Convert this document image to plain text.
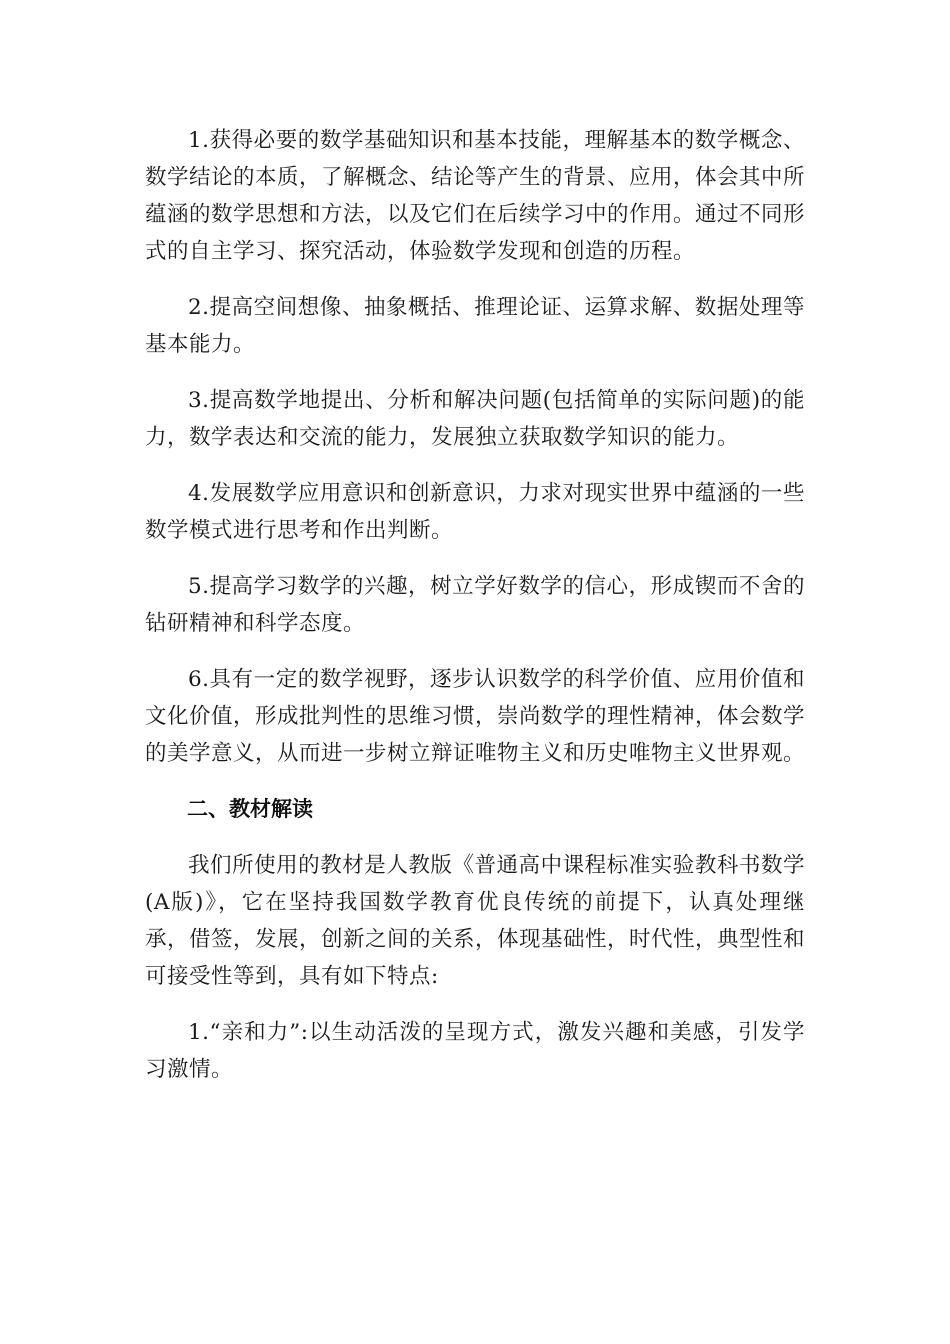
1.获得必要的数学基础知识和基本技能，理解基本的数学概念、数学结论的本质，了解概念、结论等产生的背景、应用，体会其中所蕴涵的数学思想和方法，以及它们在后续学习中的作用。通过不同形式的自主学习、探究活动，体验数学发现和创造的历程。

2.提高空间想像、抽象概括、推理论证、运算求解、数据处理等基本能力。

3.提高数学地提出、分析和解决问题(包括简单的实际问题)的能力，数学表达和交流的能力，发展独立获取数学知识的能力。

4.发展数学应用意识和创新意识，力求对现实世界中蕴涵的一些数学模式进行思考和作出判断。

5.提高学习数学的兴趣，树立学好数学的信心，形成锲而不舍的钻研精神和科学态度。

6.具有一定的数学视野，逐步认识数学的科学价值、应用价值和文化价值，形成批判性的思维习惯，崇尚数学的理性精神，体会数学的美学意义，从而进一步树立辩证唯物主义和历史唯物主义世界观。

二、教材解读

我们所使用的教材是人教版《普通高中课程标准实验教科书数学(A版)》，它在坚持我国数学教育优良传统的前提下，认真处理继承，借签，发展，创新之间的关系，体现基础性，时代性，典型性和可接受性等到，具有如下特点:

1.“亲和力”:以生动活泼的呈现方式，激发兴趣和美感，引发学习激情。
